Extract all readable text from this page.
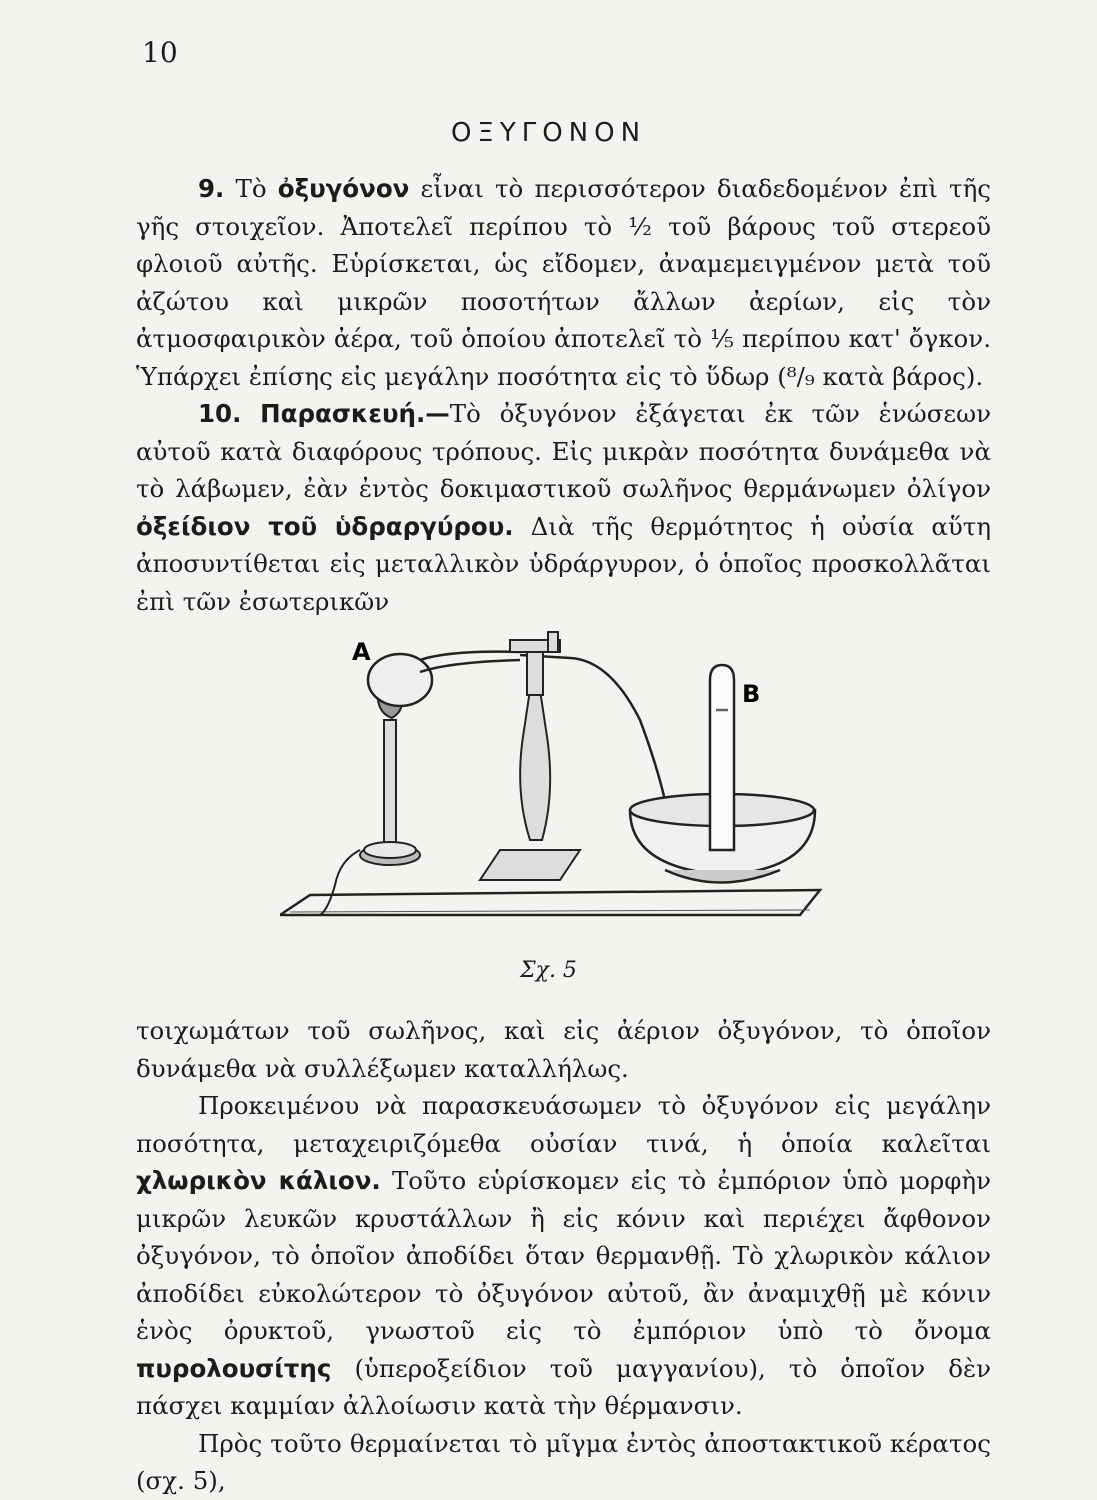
10
ΟΞΥΓΟΝΟΝ

9. Τὸ ὀξυγόνον εἶναι τὸ περισσότερον διαδεδομένον ἐπὶ τῆς γῆς στοιχεῖον. Ἀποτελεῖ περίπου τὸ ½ τοῦ βάρους τοῦ στερεοῦ φλοιοῦ αὐτῆς. Εὑρίσκεται, ὡς εἴδομεν, ἀναμεμειγμένον μετὰ τοῦ ἀζώτου καὶ μικρῶν ποσοτήτων ἄλλων ἀερίων, εἰς τὸν ἀτμοσφαιρικὸν ἀέρα, τοῦ ὁποίου ἀποτελεῖ τὸ ⅕ περίπου κατ' ὄγκον. Ὑπάρχει ἐπίσης εἰς μεγάλην ποσότητα εἰς τὸ ὕδωρ (⁸/₉ κατὰ βάρος).

10. Παρασκευή.—Τὸ ὀξυγόνον ἐξάγεται ἐκ τῶν ἑνώσεων αὐτοῦ κατὰ διαφόρους τρόπους. Εἰς μικρὰν ποσότητα δυνάμεθα νὰ τὸ λάβωμεν, ἐὰν ἐντὸς δοκιμαστικοῦ σωλῆνος θερμάνωμεν ὀλίγον ὀξείδιον τοῦ ὑδραργύρου. Διὰ τῆς θερμότητος ἡ οὐσία αὕτη ἀποσυντίθεται εἰς μεταλλικὸν ὑδράργυρον, ὁ ὁποῖος προσκολλᾶται ἐπὶ τῶν ἐσωτερικῶν

A
B
Σχ. 5

τοιχωμάτων τοῦ σωλῆνος, καὶ εἰς ἀέριον ὀξυγόνον, τὸ ὁποῖον δυνάμεθα νὰ συλλέξωμεν καταλλήλως.

Προκειμένου νὰ παρασκευάσωμεν τὸ ὀξυγόνον εἰς μεγάλην ποσότητα, μεταχειριζόμεθα οὐσίαν τινά, ἡ ὁποία καλεῖται χλωρικὸν κάλιον. Τοῦτο εὑρίσκομεν εἰς τὸ ἐμπόριον ὑπὸ μορφὴν μικρῶν λευκῶν κρυστάλλων ἢ εἰς κόνιν καὶ περιέχει ἄφθονον ὀξυγόνον, τὸ ὁποῖον ἀποδίδει ὅταν θερμανθῇ. Τὸ χλωρικὸν κάλιον ἀποδίδει εὐκολώτερον τὸ ὀξυγόνον αὐτοῦ, ἂν ἀναμιχθῇ μὲ κόνιν ἑνὸς ὀρυκτοῦ, γνωστοῦ εἰς τὸ ἐμπόριον ὑπὸ τὸ ὄνομα πυρολουσίτης (ὑπεροξείδιον τοῦ μαγγανίου), τὸ ὁποῖον δὲν πάσχει καμμίαν ἀλλοίωσιν κατὰ τὴν θέρμανσιν.

Πρὸς τοῦτο θερμαίνεται τὸ μῖγμα ἐντὸς ἀποστακτικοῦ κέρατος (σχ. 5),
